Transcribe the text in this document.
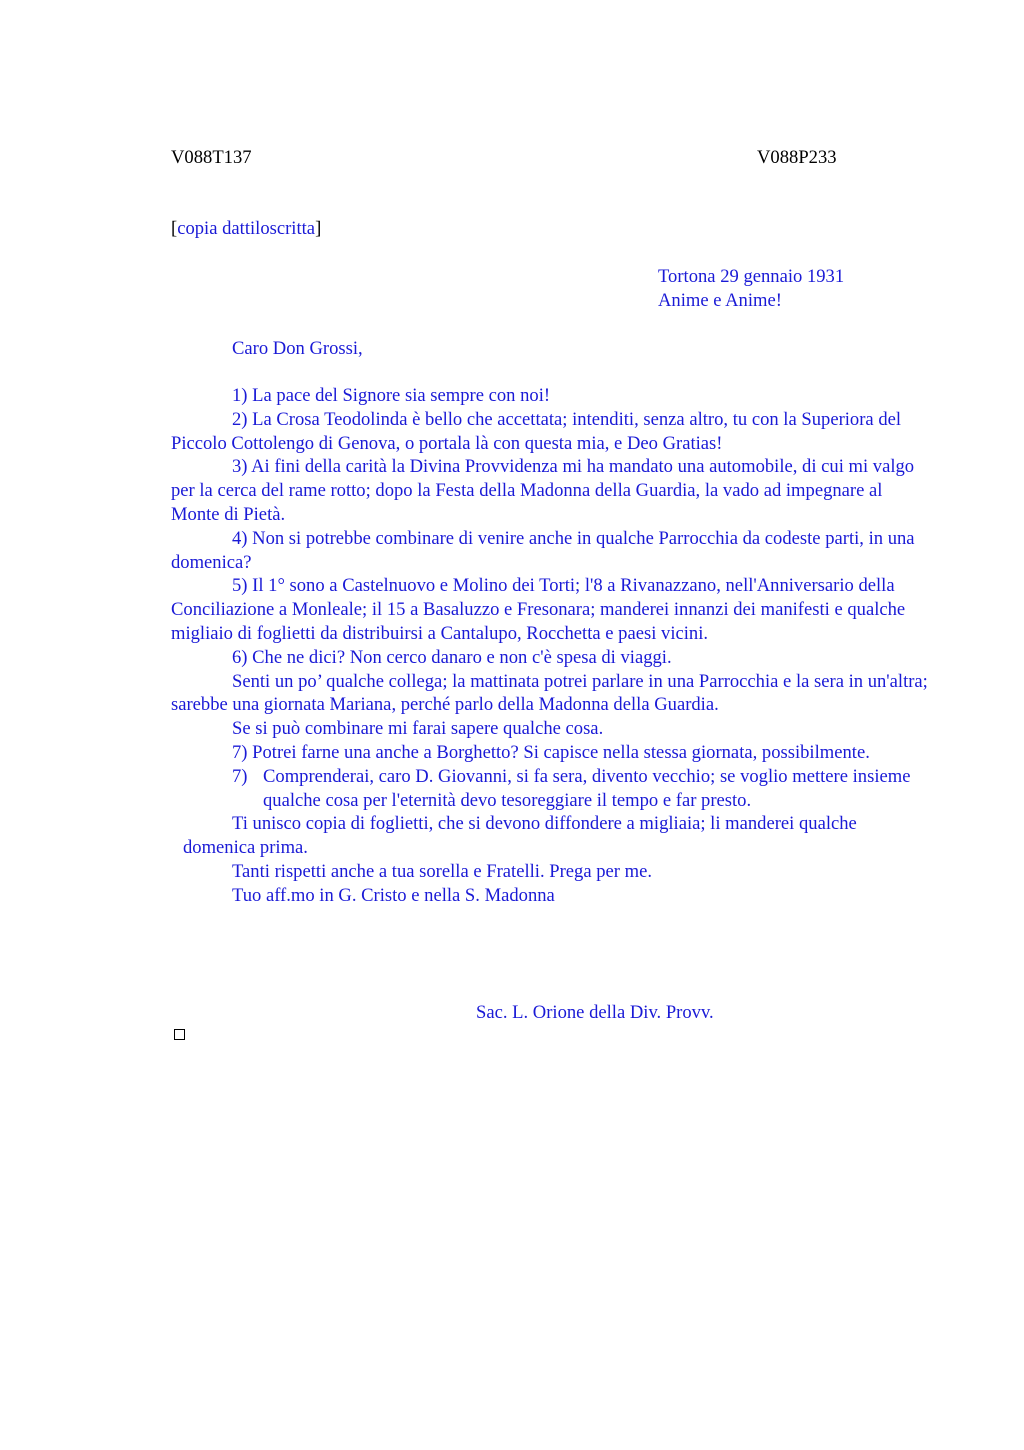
V088T137	V088P233
[copia dattiloscritta]
Tortona 29 gennaio 1931
Anime e Anime!
Caro Don Grossi,

1) La pace del Signore sia sempre con noi!

2) La Crosa Teodolinda è bello che accettata; intenditi, senza altro, tu con la Superiora del Piccolo Cottolengo di Genova, o portala là con questa mia, e Deo Gratias!

3) Ai fini della carità la Divina Provvidenza mi ha mandato una automobile, di cui mi valgo per la cerca del rame rotto; dopo la Festa della Madonna della Guardia, la vado ad impegnare al Monte di Pietà.

4) Non si potrebbe combinare di venire anche in qualche Parrocchia da codeste parti, in una domenica?

5) Il 1° sono a Castelnuovo e Molino dei Torti; l'8 a Rivanazzano, nell'Anniversario della Conciliazione a Monleale; il 15 a Basaluzzo e Fresonara; manderei innanzi dei manifesti e qualche migliaio di foglietti da distribuirsi a Cantalupo, Rocchetta e paesi vicini.

6) Che ne dici? Non cerco danaro e non c'è spesa di viaggi.

Senti un po’ qualche collega; la mattinata potrei parlare in una Parrocchia e la sera in un'altra; sarebbe una giornata Mariana, perché parlo della Madonna della Guardia.

Se si può combinare mi farai sapere qualche cosa.

7) Potrei farne una anche a Borghetto? Si capisce nella stessa giornata, possibilmente.

7) Comprenderai, caro D. Giovanni, si fa sera, divento vecchio; se voglio mettere insieme qualche cosa per l'eternità devo tesoreggiare il tempo e far presto.

Ti unisco copia di foglietti, che si devono diffondere a migliaia; li manderei qualche domenica prima.

Tanti rispetti anche a tua sorella e Fratelli. Prega per me.

Tuo aff.mo in G. Cristo e nella S. Madonna

Sac. L. Orione della Div. Provv.
